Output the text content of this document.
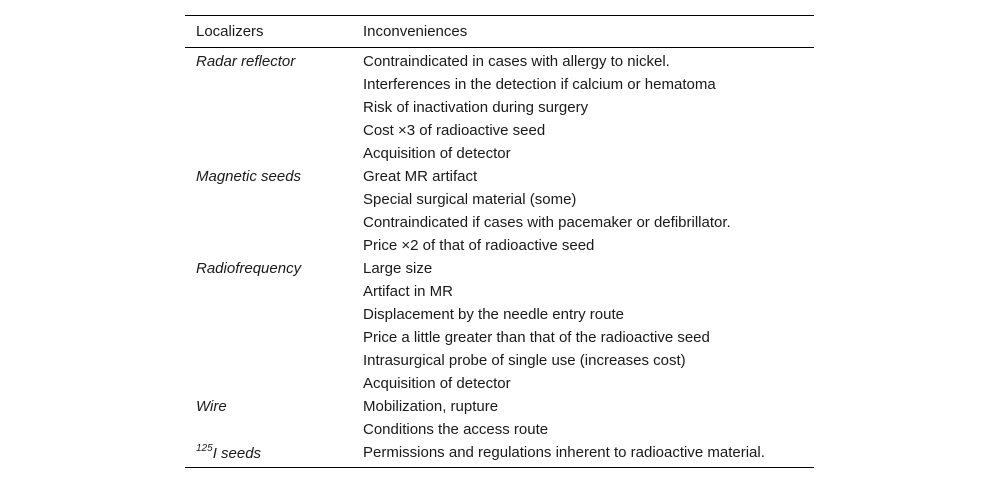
Localizers	Inconveniences
Radar reflector	Contraindicated in cases with allergy to nickel.
	Interferences in the detection if calcium or hematoma
	Risk of inactivation during surgery
	Cost ×3 of radioactive seed
	Acquisition of detector
Magnetic seeds	Great MR artifact
	Special surgical material (some)
	Contraindicated if cases with pacemaker or defibrillator.
	Price ×2 of that of radioactive seed
Radiofrequency	Large size
	Artifact in MR
	Displacement by the needle entry route
	Price a little greater than that of the radioactive seed
	Intrasurgical probe of single use (increases cost)
	Acquisition of detector
Wire	Mobilization, rupture
	Conditions the access route
$^{125}$I seeds	Permissions and regulations inherent to radioactive material.
